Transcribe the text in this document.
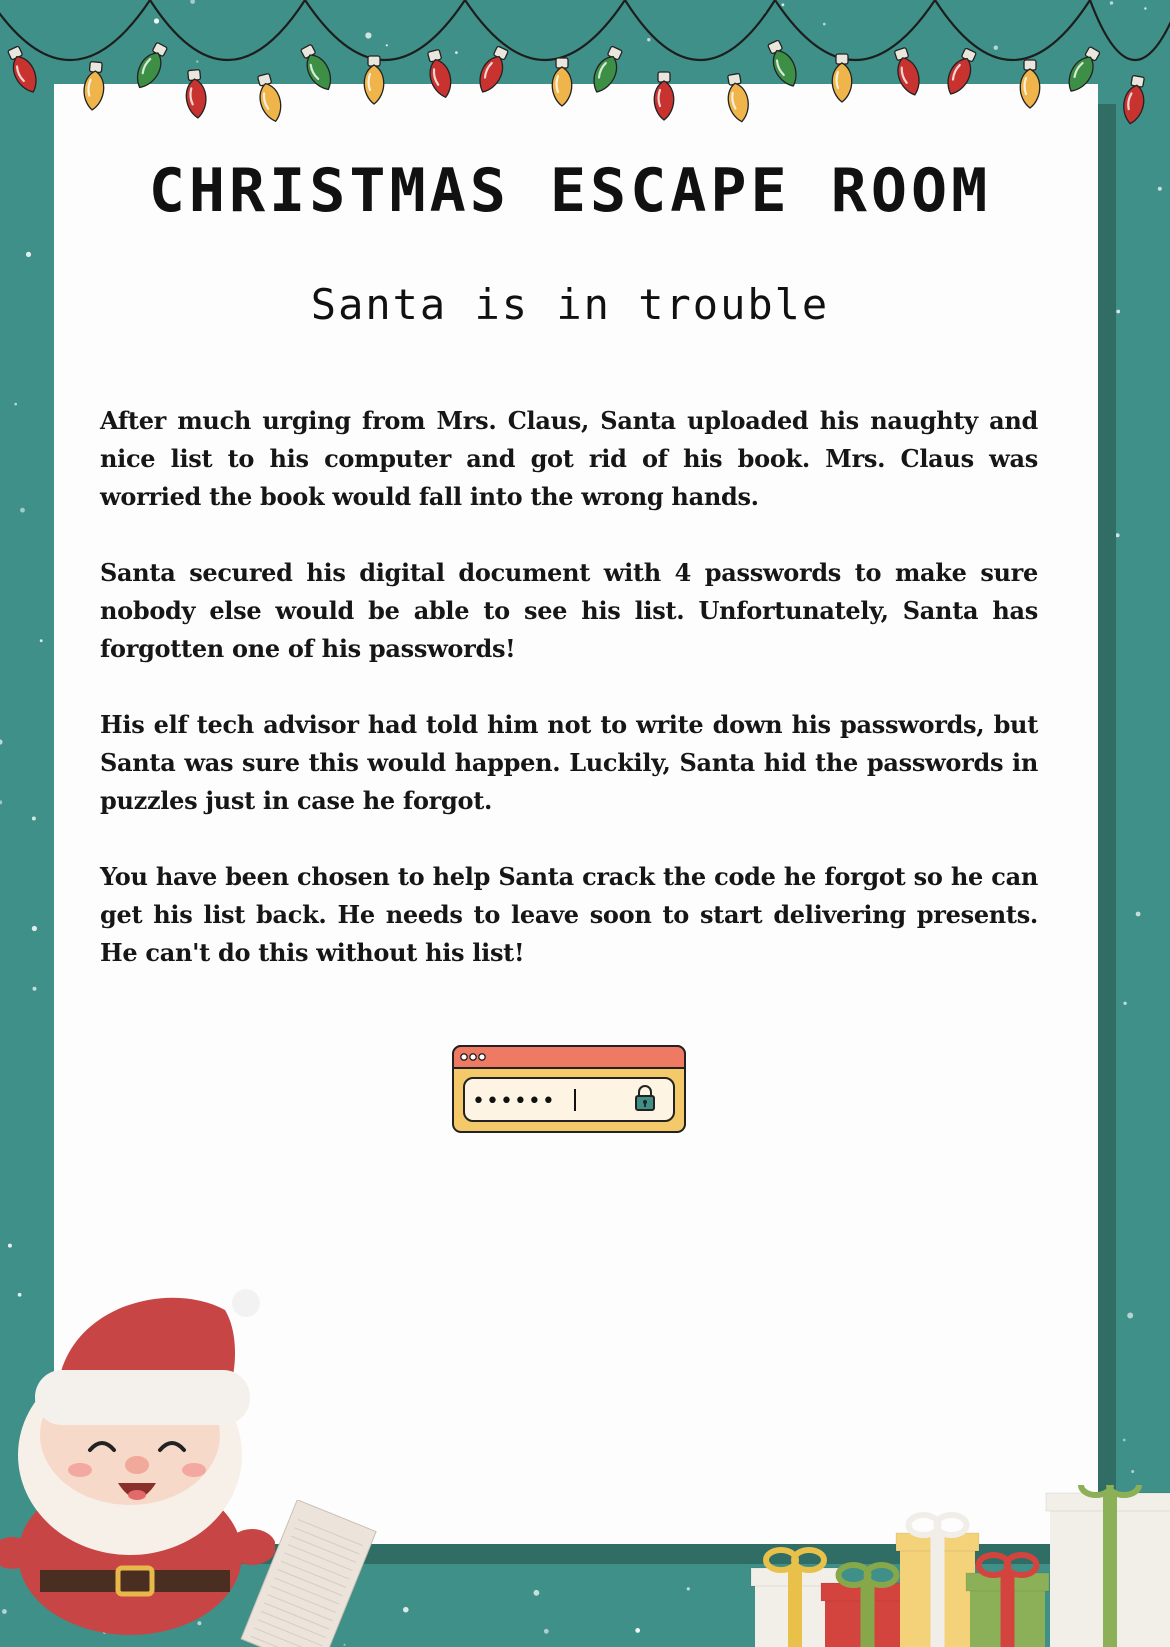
CHRISTMAS ESCAPE ROOM
Santa is in trouble

After much urging from Mrs. Claus, Santa uploaded his naughty and nice list to his computer and got rid of his book. Mrs. Claus was worried the book would fall into the wrong hands.

Santa secured his digital document with 4 passwords to make sure nobody else would be able to see his list. Unfortunately, Santa has forgotten one of his passwords!

His elf tech advisor had told him not to write down his passwords, but Santa was sure this would happen. Luckily, Santa hid the passwords in puzzles just in case he forgot.

You have been chosen to help Santa crack the code he forgot so he can get his list back. He needs to leave soon to start delivering presents. He can't do this without his list!

••••••
